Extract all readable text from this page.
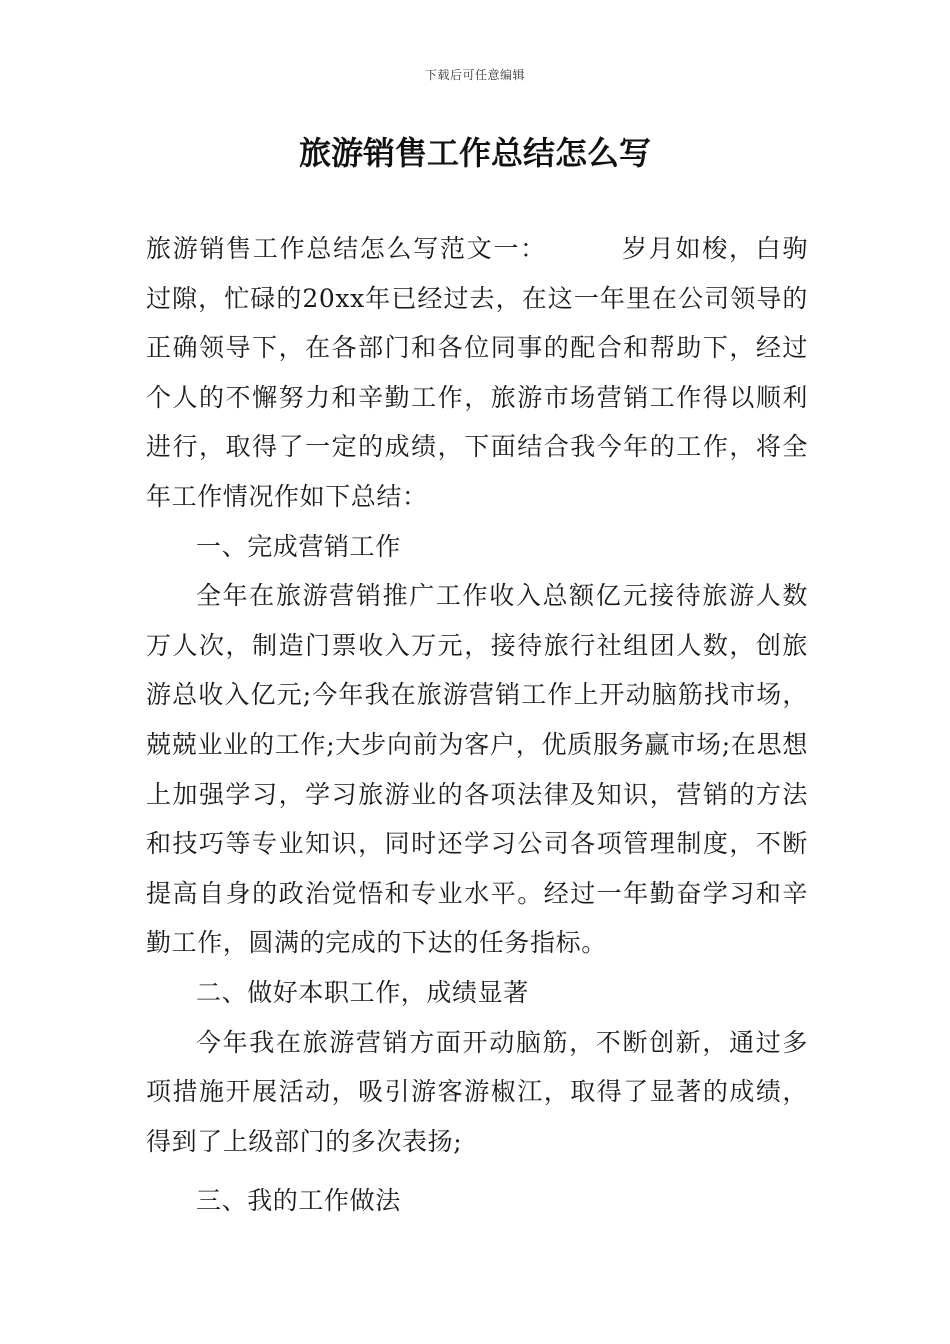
下载后可任意编辑
旅游销售工作总结怎么写

旅游销售工作总结怎么写范文一：	岁月如梭，白驹过隙，忙碌的20xx年已经过去，在这一年里在公司领导的正确领导下，在各部门和各位同事的配合和帮助下，经过个人的不懈努力和辛勤工作，旅游市场营销工作得以顺利进行，取得了一定的成绩，下面结合我今年的工作，将全年工作情况作如下总结：

一、完成营销工作

全年在旅游营销推广工作收入总额亿元接待旅游人数万人次，制造门票收入万元，接待旅行社组团人数，创旅游总收入亿元;今年我在旅游营销工作上开动脑筋找市场，兢兢业业的工作;大步向前为客户，优质服务赢市场;在思想上加强学习，学习旅游业的各项法律及知识，营销的方法和技巧等专业知识，同时还学习公司各项管理制度，不断提高自身的政治觉悟和专业水平。经过一年勤奋学习和辛勤工作，圆满的完成的下达的任务指标。

二、做好本职工作，成绩显著

今年我在旅游营销方面开动脑筋，不断创新，通过多项措施开展活动，吸引游客游椒江，取得了显著的成绩，得到了上级部门的多次表扬;

三、我的工作做法
